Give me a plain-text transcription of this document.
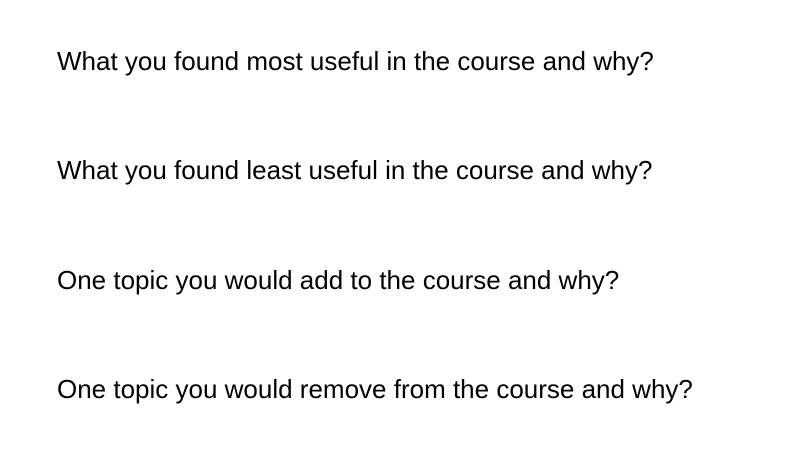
What you found most useful in the course and why?

What you found least useful in the course and why?

One topic you would add to the course and why?

One topic you would remove from the course and why?
